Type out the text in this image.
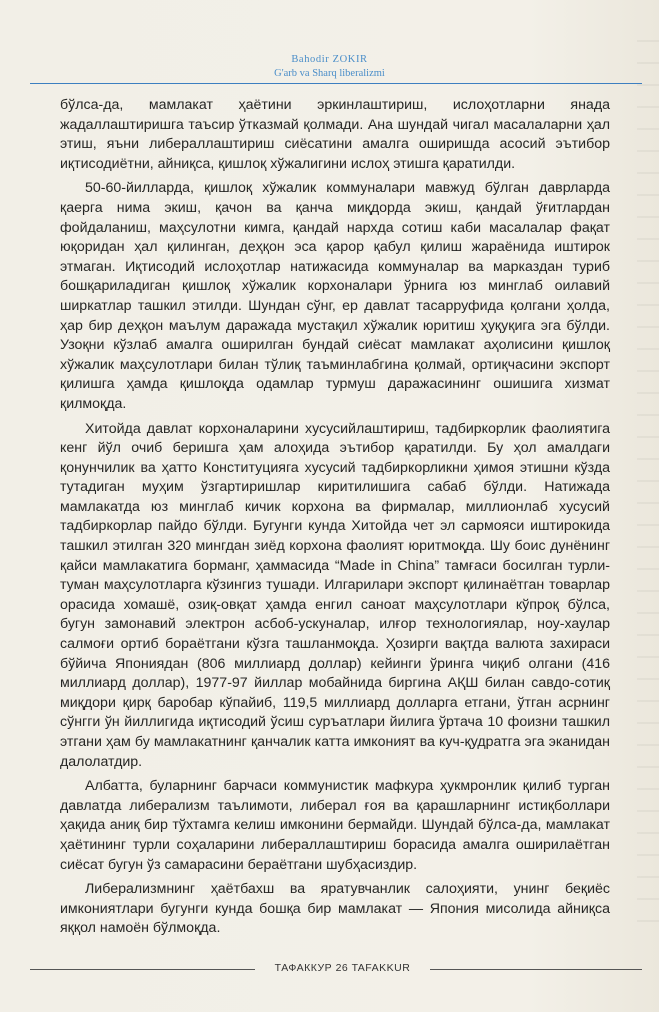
Bahodir ZOKIR
G'arb va Sharq liberalizmi

бўлса-да, мамлакат ҳаётини эркинлаштириш, ислоҳотларни янада жадаллаштиришга таъсир ўтказмай қолмади. Ана шундай чигал масалаларни ҳал этиш, яъни либераллаштириш сиёсатини амалга оширишда асосий эътибор иқтисодиётни, айниқса, қишлоқ хўжалигини ислоҳ этишга қаратилди.

50-60-йилларда, қишлоқ хўжалик коммуналари мавжуд бўлган даврларда қаерга нима экиш, қачон ва қанча миқдорда экиш, қандай ўғитлардан фойдаланиш, маҳсулотни кимга, қандай нархда сотиш каби масалалар фақат юқоридан ҳал қилинган, деҳқон эса қарор қабул қилиш жараёнида иштирок этмаган. Иқтисодий ислоҳотлар натижасида коммуналар ва марказдан туриб бошқариладиган қишлоқ хўжалик корхоналари ўрнига юз минглаб оилавий ширкатлар ташкил этилди. Шундан сўнг, ер давлат тасарруфида қолгани ҳолда, ҳар бир деҳқон маълум даражада мустақил хўжалик юритиш ҳуқуқига эга бўлди. Узоқни кўзлаб амалга оширилган бундай сиёсат мамлакат аҳолисини қишлоқ хўжалик маҳсулотлари билан тўлиқ таъминлабгина қолмай, ортиқчасини экспорт қилишга ҳамда қишлоқда одамлар турмуш даражасининг ошишига хизмат қилмоқда.

Хитойда давлат корхоналарини хусусийлаштириш, тадбиркорлик фаолиятига кенг йўл очиб беришга ҳам алоҳида эътибор қаратилди. Бу ҳол амалдаги қонунчилик ва ҳатто Конституцияга хусусий тадбиркорликни ҳимоя этишни кўзда тутадиган муҳим ўзгартиришлар киритилишига сабаб бўлди. Натижада мамлакатда юз минглаб кичик корхона ва фирмалар, миллионлаб хусусий тадбиркорлар пайдо бўлди. Бугунги кунда Хитойда чет эл сармояси иштирокида ташкил этилган 320 мингдан зиёд корхона фаолият юритмоқда. Шу боис дунёнинг қайси мамлакатига борманг, ҳаммасида “Made in China” тамғаси босилган турли-туман маҳсулотларга кўзингиз тушади. Илгарилари экспорт қилинаётган товарлар орасида хомашё, озиқ-овқат ҳамда енгил саноат маҳсулотлари кўпроқ бўлса, бугун замонавий электрон асбоб-ускуналар, илғор технологиялар, ноу-хаулар салмоғи ортиб бораётгани кўзга ташланмоқда. Ҳозирги вақтда валюта захираси бўйича Япониядан (806 миллиард доллар) кейинги ўринга чиқиб олгани (416 миллиард доллар), 1977-97 йиллар мобайнида биргина АҚШ билан савдо-сотиқ миқдори қирқ баробар кўпайиб, 119,5 миллиард долларга етгани, ўтган асрнинг сўнгги ўн йиллигида иқтисодий ўсиш суръатлари йилига ўртача 10 фоизни ташкил этгани ҳам бу мамлакатнинг қанчалик катта имконият ва куч-қудратга эга эканидан далолатдир.

Албатта, буларнинг барчаси коммунистик мафкура ҳукмронлик қилиб турган давлатда либерализм таълимоти, либерал ғоя ва қарашларнинг истиқболлари ҳақида аниқ бир тўхтамга келиш имконини бермайди. Шундай бўлса-да, мамлакат ҳаётининг турли соҳаларини либераллаштириш борасида амалга оширилаётган сиёсат бугун ўз самарасини бераётгани шубҳасиздир.

Либерализмнинг ҳаётбахш ва яратувчанлик салоҳияти, унинг беқиёс имкониятлари бугунги кунда бошқа бир мамлакат — Япония мисолида айниқса яққол намоён бўлмоқда.

ТАФАККУР 26 TAFAKKUR
